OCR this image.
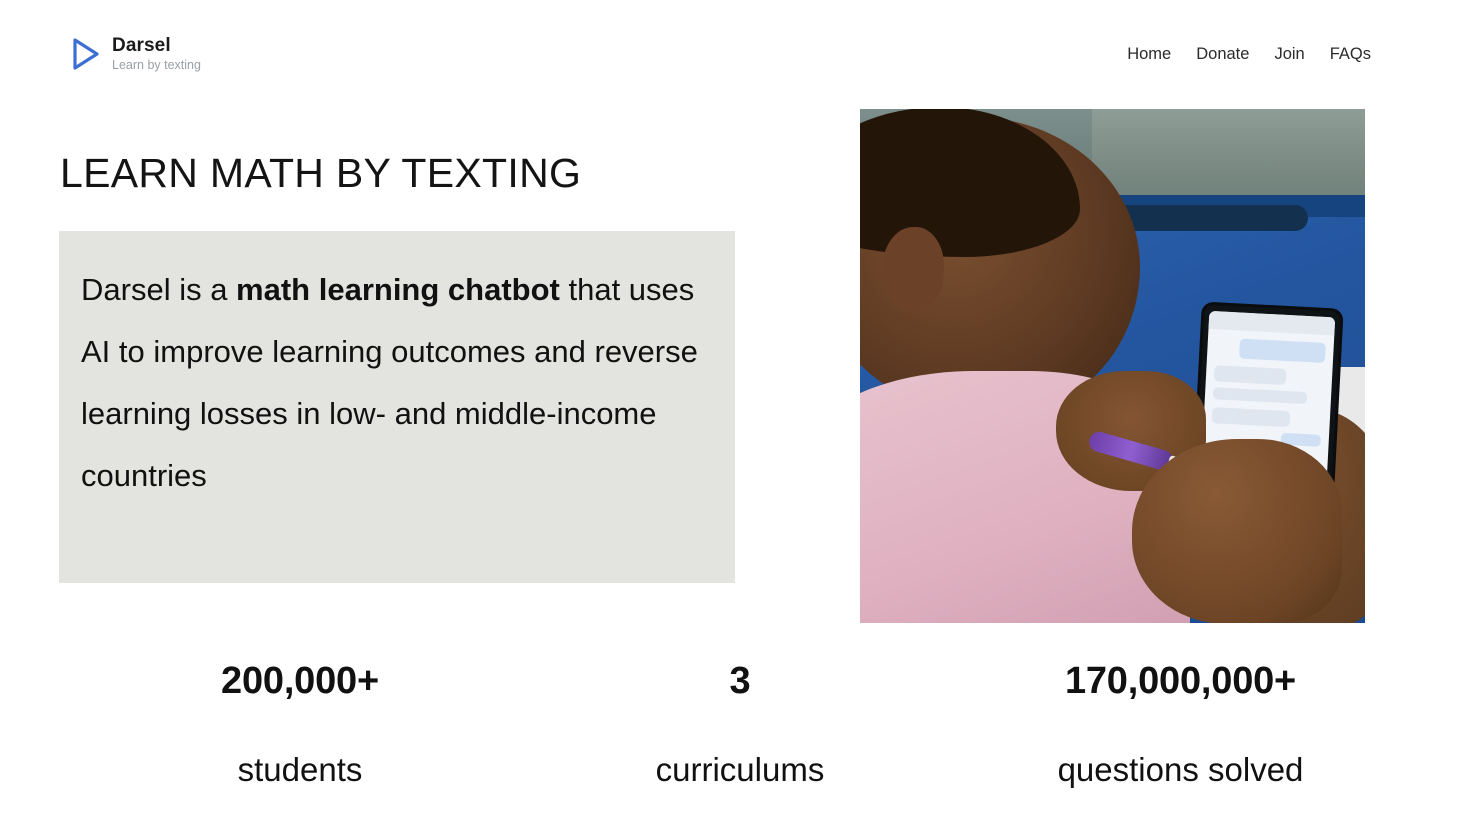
Darsel
Learn by texting
Home Donate Join FAQs
LEARN MATH BY TEXTING

Darsel is a math learning chatbot that uses AI to improve learning outcomes and reverse learning losses in low- and middle-income countries

200,000+
students
3
curriculums
170,000,000+
questions solved
